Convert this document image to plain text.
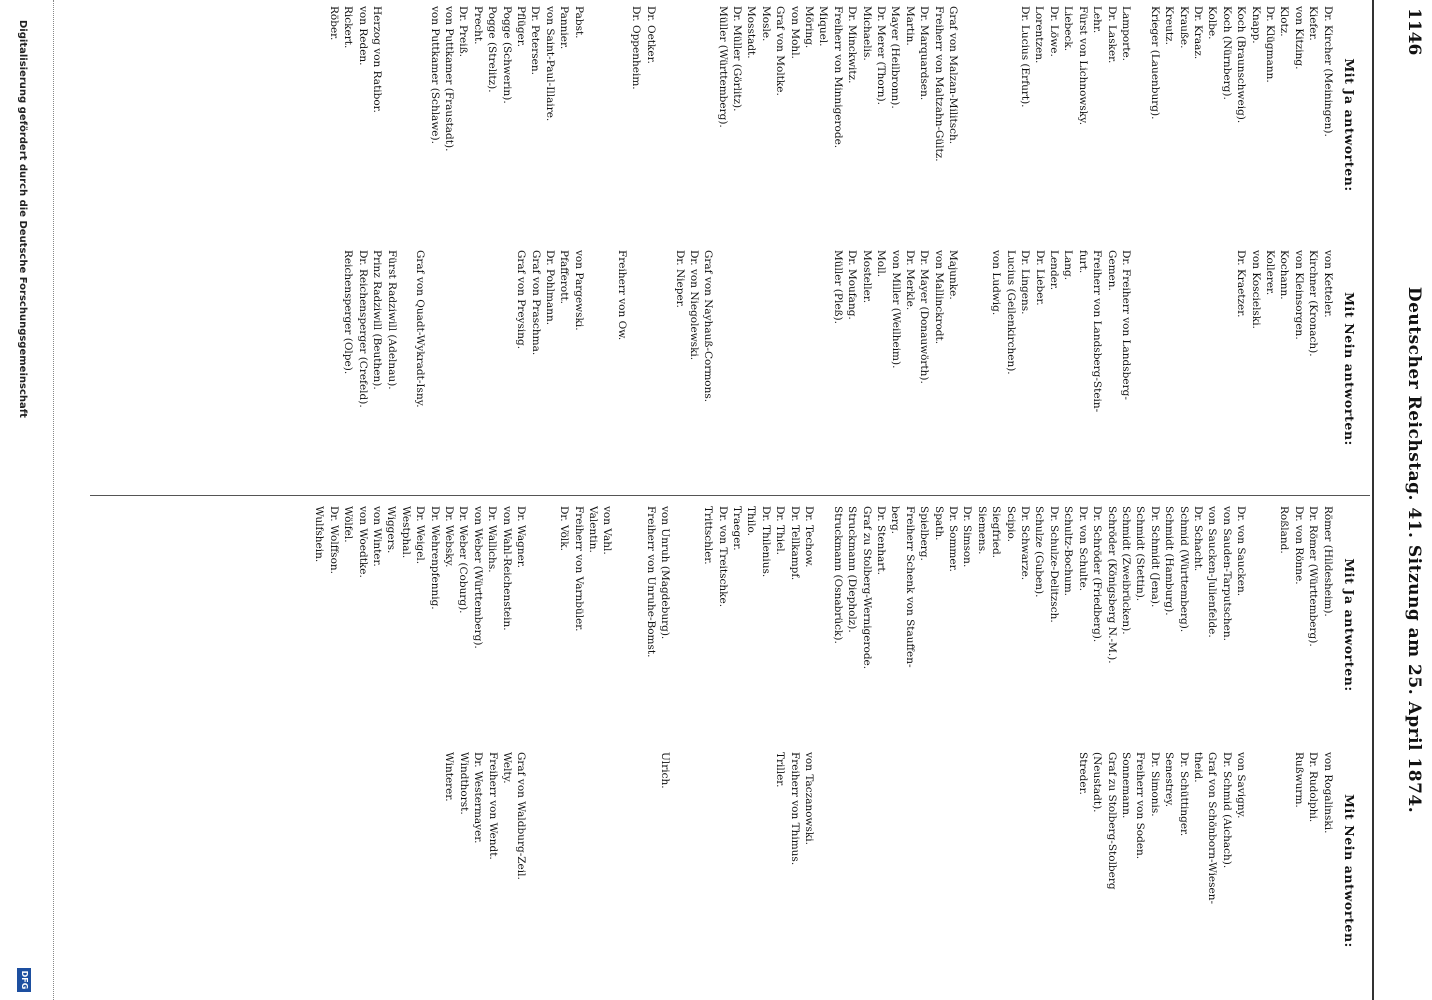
1146
Deutscher Reichstag. 41. Sitzung am 25. April 1874.
Mit Ja antworten:
Dr. Kircher (Meiningen).
Kiefer.
von Kitzing.
Klotz.
Dr. Klügmann.
Knapp.
Koch (Braunschweig).
Koch (Nürnberg).
Kolbe.
Dr. Kraaz.
Krauße.
Kreutz.
Krieger (Lauenburg).
Lamporte.
Dr. Lasker.
Lehr.
Fürst von Lichnowsky.
Liebeck.
Dr. Löwe.
Lorentzen.
Dr. Lucius (Erfurt).
Graf von Malzan-Militsch.
Freiherr von Maltzahn-Gültz.
Dr. Marquardsen.
Martin.
Mayer (Heilbronn).
Dr. Merer (Thorn).
Michaelis.
Dr. Minckwitz.
Freiherr von Minnigerode.
Miquel.
Möring.
von Mohl.
Graf von Moltke.
Mosle.
Mosstadt.
Dr. Müller (Görlitz).
Müller (Württemberg).
Dr. Oetker.
Dr. Oppenheim.
Pabst.
Pannier.
von Saint-Paul-Illaire.
Dr. Petersen.
Pflüger.
Pogge (Schwerin).
Pogge (Strelitz).
Precht.
Dr. Preiß.
von Puttkamer (Fraustadt).
von Puttkamer (Schlawe).
Herzog von Ratibor.
von Reden.
Rickert.
Röber.
Mit Nein antworten:
von Ketteler.
Kirchner (Kronach).
von Kleinsorgen.
Kochann.
Kollerer.
von Koscielski.
Dr. Kraetzer.
Dr. Freiherr von Landsberg-
Gemen.
Freiherr von Landsberg-Stein-
furt.
Lang.
Lender.
Dr. Lieber.
Dr. Lingens.
Lucius (Geilenkirchen).
von Ludwig.
Majunke.
von Mallinckrodt.
Dr. Mayer (Donauwörth).
Dr. Merkle.
von Miller (Weilheim).
Moll.
Mosteller.
Dr. Moufang.
Müller (Pleß).
Graf von Nayhauß-Cormons.
Dr. von Niegolewski.
Dr. Nieper.
Freiherr von Ow.
von Pargewski.
Pfafferott.
Dr. Pohlmann.
Graf von Praschma.
Graf von Preysing.
Graf von Quadt-Wykradt-Isny.
Fürst Radziwill (Adelnau).
Prinz Radziwill (Beuthen).
Dr. Reichensperger (Crefeld).
Reichensperger (Olpe).
Mit Ja antworten:
Römer (Hildesheim).
Dr. Römer (Württemberg).
Dr. von Rönne.
Roßland.
Dr. von Saucken.
von Sauden-Tarputschen.
von Saucken-Julienfelde.
Dr. Schacht.
Schmid (Württemberg).
Schmidt (Hamburg).
Dr. Schmidt (Jena).
Schmidt (Stettin).
Schmidt (Zweibrücken).
Schröder (Königsberg N.-M.).
Dr. Schröder (Friedberg).
Dr. von Schulte.
Schultz-Bochum.
Dr. Schulze-Delitzsch.
Schulze (Guben).
Dr. Schwarze.
Scipio.
Siegfried.
Siemens.
Dr. Simson.
Dr. Sommer.
Spath.
Spielberg.
Freiherr Schenk von Stauffen-
berg.
Dr. Stenhart.
Graf zu Stolberg-Wernigerode.
Struckmann (Diepholz).
Struckmann (Osnabrück).
Dr. Techow.
Dr. Tellkampf.
Dr. Thiel.
Dr. Thilenius.
Thilo.
Traeger.
Dr. von Treitschke.
Trittschler.
von Unruh (Magdeburg).
Freiherr von Unruhe-Bomst.
von Vahl.
Valentin.
Freiherr von Varnbüler.
Dr. Völk.
Dr. Wagner.
von Wahl-Reichenstein.
Dr. Wallichs.
von Weber (Württemberg).
Dr. Weber (Coburg).
Dr. Websky.
Dr. Wehrenpfennig.
Dr. Weigel.
Westphal.
Wiggers.
von Winter.
von Woedtke.
Wölfel.
Dr. Wolffson.
Wulfshein.
Mit Nein antworten:
von Rogalinski.
Dr. Rudolphi.
Rußwurm.
von Savigny.
Dr. Schmid (Aichach).
Graf von Schönborn-Wiesen-
theid.
Dr. Schüttinger.
Senestrey.
Dr. Simonis.
Freiherr von Soden.
Sonnemann.
Graf zu Stolberg-Stolberg
(Neustadt).
Streder.
von Taczanowski.
Freiherr von Thimus.
Triller.
Ulrich.
Graf von Waldburg-Zeil.
Welty.
Freiherr von Wendt.
Dr. Westermayer.
Windthorst.
Winterer.
Digitalisierung gefördert durch die Deutsche Forschungsgemeinschaft
DFG
